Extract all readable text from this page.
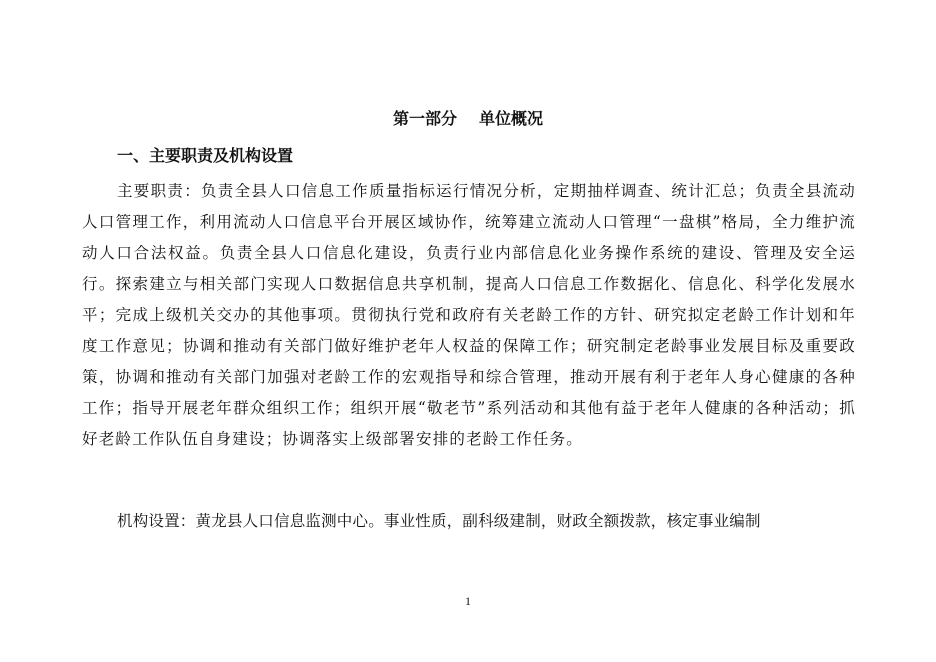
第一部分 单位概况
一、主要职责及机构设置

主要职责：负责全县人口信息工作质量指标运行情况分析，定期抽样调查、统计汇总；负责全县流动人口管理工作，利用流动人口信息平台开展区域协作，统筹建立流动人口管理“一盘棋”格局，全力维护流动人口合法权益。负责全县人口信息化建设，负责行业内部信息化业务操作系统的建设、管理及安全运行。探索建立与相关部门实现人口数据信息共享机制，提高人口信息工作数据化、信息化、科学化发展水平；完成上级机关交办的其他事项。贯彻执行党和政府有关老龄工作的方针、研究拟定老龄工作计划和年度工作意见；协调和推动有关部门做好维护老年人权益的保障工作；研究制定老龄事业发展目标及重要政策，协调和推动有关部门加强对老龄工作的宏观指导和综合管理，推动开展有利于老年人身心健康的各种工作；指导开展老年群众组织工作；组织开展“敬老节”系列活动和其他有益于老年人健康的各种活动；抓好老龄工作队伍自身建设；协调落实上级部署安排的老龄工作任务。

机构设置：黄龙县人口信息监测中心。事业性质，副科级建制，财政全额拨款，核定事业编制
1
